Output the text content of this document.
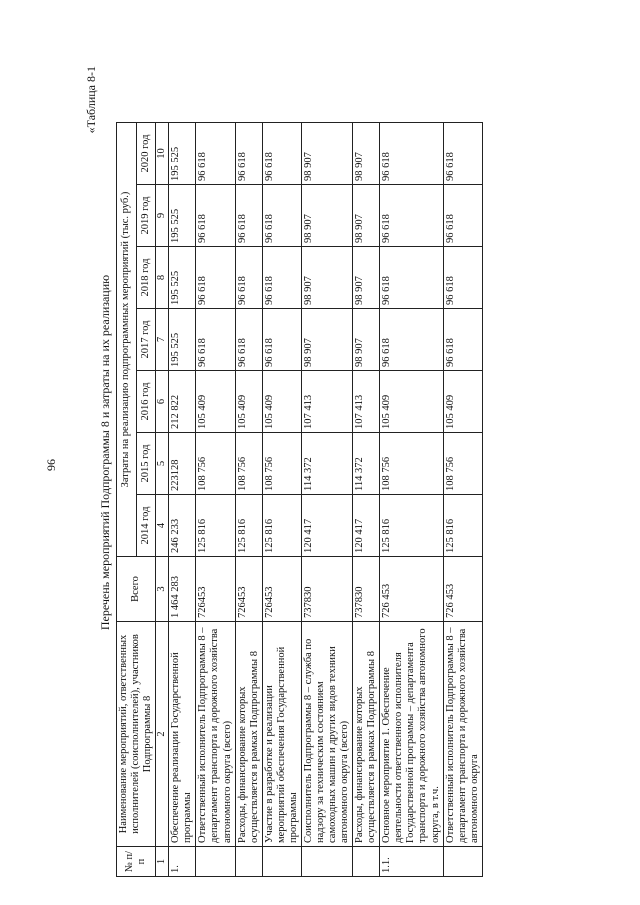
96
«Таблица 8-1
Перечень мероприятий Подпрограммы 8 и затраты на их реализацию
№ п/п	Наименование мероприятий, ответственных исполнителей (соисполнителей), участников Подпрограммы 8	Всего	Затраты на реализацию подпрограммных мероприятий (тыс. руб.)						
			2014 год	2015 год	2016 год	2017 год	2018 год	2019 год	2020 год
1	2	3	4	5	6	7	8	9	10
1.	Обеспечение реализации Государственной программы	1 464 283	246 233	223128	212 822	195 525	195 525	195 525	195 525
	Ответственный исполнитель Подпрограммы 8 – департамент транспорта и дорожного хозяйства автономного округа (всего)	726453	125 816	108 756	105 409	96 618	96 618	96 618	96 618
	Расходы, финансирование которых осуществляется в рамках Подпрограммы 8	726453	125 816	108 756	105 409	96 618	96 618	96 618	96 618
	Участие в разработке и реализации мероприятий обеспечения Государственной программы	726453	125 816	108 756	105 409	96 618	96 618	96 618	96 618
	Соисполнитель Подпрограммы 8 – служба по надзору за техническим состоянием самоходных машин и других видов техники автономного округа (всего)	737830	120 417	114 372	107 413	98 907	98 907	98 907	98 907
	Расходы, финансирование которых осуществляется в рамках Подпрограммы 8	737830	120 417	114 372	107 413	98 907	98 907	98 907	98 907
1.1.	Основное мероприятие 1. Обеспечение деятельности ответственного исполнителя Государственной программы – департамента транспорта и дорожного хозяйства автономного округа, в т.ч.	726 453	125 816	108 756	105 409	96 618	96 618	96 618	96 618
	Ответственный исполнитель Подпрограммы 8 – департамент транспорта и дорожного хозяйства автономного округа	726 453	125 816	108 756	105 409	96 618	96 618	96 618	96 618
